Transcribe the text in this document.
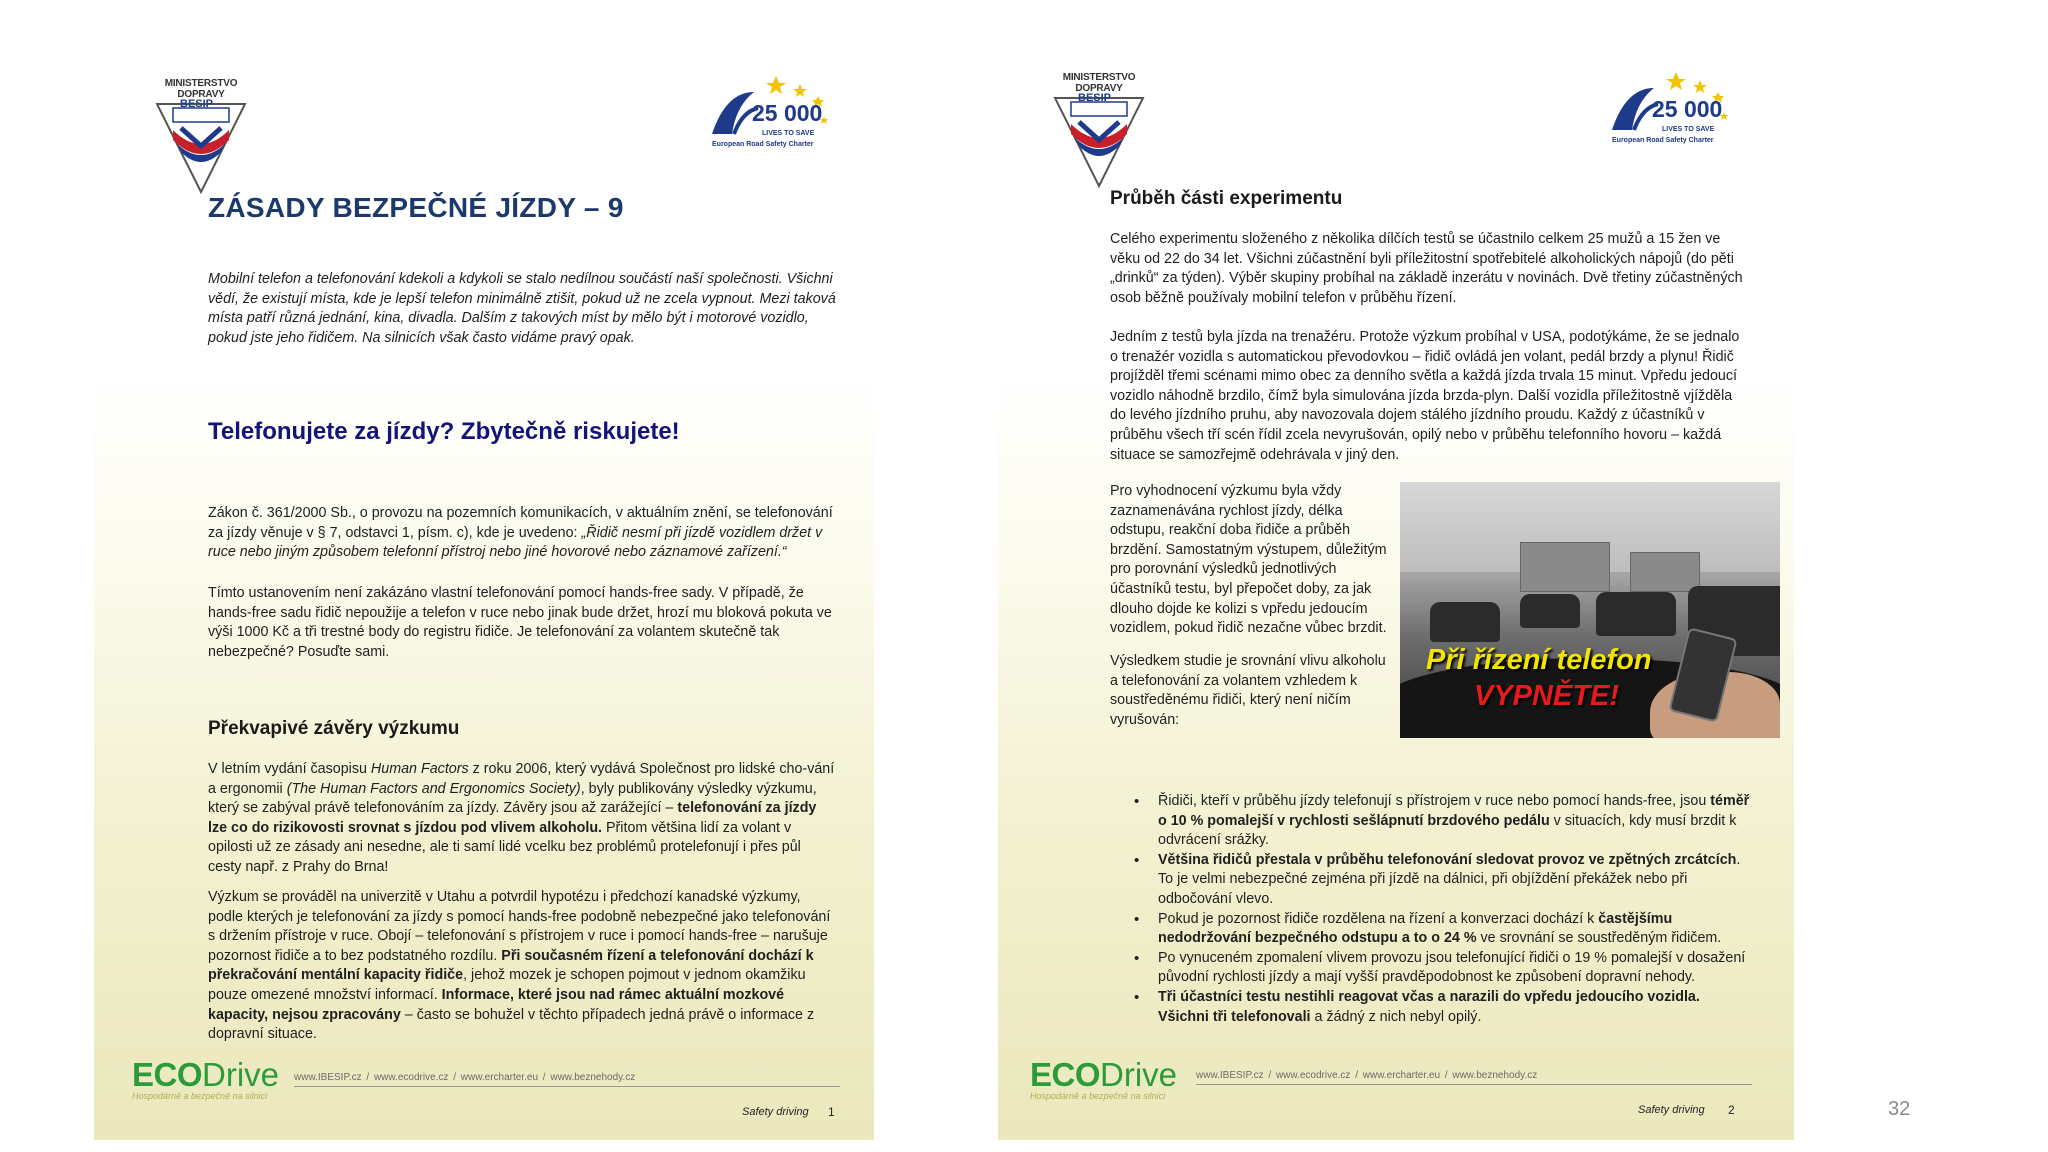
MINISTERSTVO DOPRAVY
BESIP	25 000
LIVES TO SAVE
European Road Safety Charter
ZÁSADY BEZPEČNÉ JÍZDY – 9
Mobilní telefon a telefonování kdekoli a kdykoli se stalo nedílnou součástí naší společnosti. Všichni vědí, že existují místa, kde je lepší telefon minimálně ztišit, pokud už ne zcela vypnout. Mezi taková místa patří různá jednání, kina, divadla. Dalším z takových míst by mělo být i motorové vozidlo, pokud jste jeho řidičem. Na silnicích však často vidáme pravý opak.
Telefonujete za jízdy? Zbytečně riskujete!
Zákon č. 361/2000 Sb., o provozu na pozemních komunikacích, v aktuálním znění, se telefonování za jízdy věnuje v § 7, odstavci 1, písm. c), kde je uvedeno: „Řidič nesmí při jízdě vozidlem držet v ruce nebo jiným způsobem telefonní přístroj nebo jiné hovorové nebo záznamové zařízení.“
Tímto ustanovením není zakázáno vlastní telefonování pomocí hands-free sady. V případě, že hands-free sadu řidič nepoužije a telefon v ruce nebo jinak bude držet, hrozí mu bloková pokuta ve výši 1000 Kč a tři trestné body do registru řidiče. Je telefonování za volantem skutečně tak nebezpečné? Posuďte sami.
Překvapivé závěry výzkumu
V letním vydání časopisu Human Factors z roku 2006, který vydává Společnost pro lidské cho-vání a ergonomii (The Human Factors and Ergonomics Society), byly publikovány výsledky výzkumu, který se zabýval právě telefonováním za jízdy. Závěry jsou až zarážející – telefonování za jízdy lze co do rizikovosti srovnat s jízdou pod vlivem alkoholu. Přitom většina lidí za volant v opilosti už ze zásady ani nesedne, ale ti samí lidé vcelku bez problémů protelefonují i přes půl cesty např. z Prahy do Brna!
Výzkum se prováděl na univerzitě v Utahu a potvrdil hypotézu i předchozí kanadské výzkumy, podle kterých je telefonování za jízdy s pomocí hands-free podobně nebezpečné jako telefonování s držením přístroje v ruce. Obojí – telefonování s přístrojem v ruce i pomocí hands-free – narušuje pozornost řidiče a to bez podstatného rozdílu. Při současném řízení a telefonování dochází k překračování mentální kapacity řidiče, jehož mozek je schopen pojmout v jednom okamžiku pouze omezené množství informací. Informace, které jsou nad rámec aktuální mozkové kapacity, nejsou zpracovány – často se bohužel v těchto případech jedná právě o informace z dopravní situace.
ECODrive
Hospodárně a bezpečně na silnici
www.IBESIP.cz / www.ecodrive.cz / www.ercharter.eu / www.beznehody.cz
Safety driving 1
MINISTERSTVO DOPRAVY
BESIP	25 000
LIVES TO SAVE
European Road Safety Charter
Průběh části experimentu
Celého experimentu složeného z několika dílčích testů se účastnilo celkem 25 mužů a 15 žen ve věku od 22 do 34 let. Všichni zúčastnění byli příležitostní spotřebitelé alkoholických nápojů (do pěti „drinků“ za týden). Výběr skupiny probíhal na základě inzerátu v novinách. Dvě třetiny zúčastněných osob běžně používaly mobilní telefon v průběhu řízení.
Jedním z testů byla jízda na trenažéru. Protože výzkum probíhal v USA, podotýkáme, že se jednalo o trenažér vozidla s automatickou převodovkou – řidič ovládá jen volant, pedál brzdy a plynu! Řidič projížděl třemi scénami mimo obec za denního světla a každá jízda trvala 15 minut. Vpředu jedoucí vozidlo náhodně brzdilo, čímž byla simulována jízda brzda-plyn. Další vozidla příležitostně vjížděla do levého jízdního pruhu, aby navozovala dojem stálého jízdního proudu. Každý z účastníků v průběhu všech tří scén řídil zcela nevyrušován, opilý nebo v průběhu telefonního hovoru – každá situace se samozřejmě odehrávala v jiný den.
Pro vyhodnocení výzkumu byla vždy zaznamenávána rychlost jízdy, délka odstupu, reakční doba řidiče a průběh brzdění. Samostatným výstupem, důležitým pro porovnání výsledků jednotlivých účastníků testu, byl přepočet doby, za jak dlouho dojde ke kolizi s vpředu jedoucím vozidlem, pokud řidič nezačne vůbec brzdit.
Výsledkem studie je srovnání vlivu alkoholu a telefonování za volantem vzhledem k soustředěnému řidiči, který není ničím vyrušován:
Při řízení telefon
VYPNĚTE!
• Řidiči, kteří v průběhu jízdy telefonují s přístrojem v ruce nebo pomocí hands-free, jsou téměř o 10 % pomalejší v rychlosti sešlápnutí brzdového pedálu v situacích, kdy musí brzdit k odvrácení srážky.
• Většina řidičů přestala v průběhu telefonování sledovat provoz ve zpětných zrcátcích. To je velmi nebezpečné zejména při jízdě na dálnici, při objíždění překážek nebo při odbočování vlevo.
• Pokud je pozornost řidiče rozdělena na řízení a konverzaci dochází k častějšímu nedodržování bezpečného odstupu a to o 24 % ve srovnání se soustředěným řidičem.
• Po vynuceném zpomalení vlivem provozu jsou telefonující řidiči o 19 % pomalejší v dosažení původní rychlosti jízdy a mají vyšší pravděpodobnost ke způsobení dopravní nehody.
• Tři účastníci testu nestihli reagovat včas a narazili do vpředu jedoucího vozidla. Všichni tři telefonovali a žádný z nich nebyl opilý.
ECODrive
Hospodárně a bezpečně na silnici
www.IBESIP.cz / www.ecodrive.cz / www.ercharter.eu / www.beznehody.cz
Safety driving 2	32
